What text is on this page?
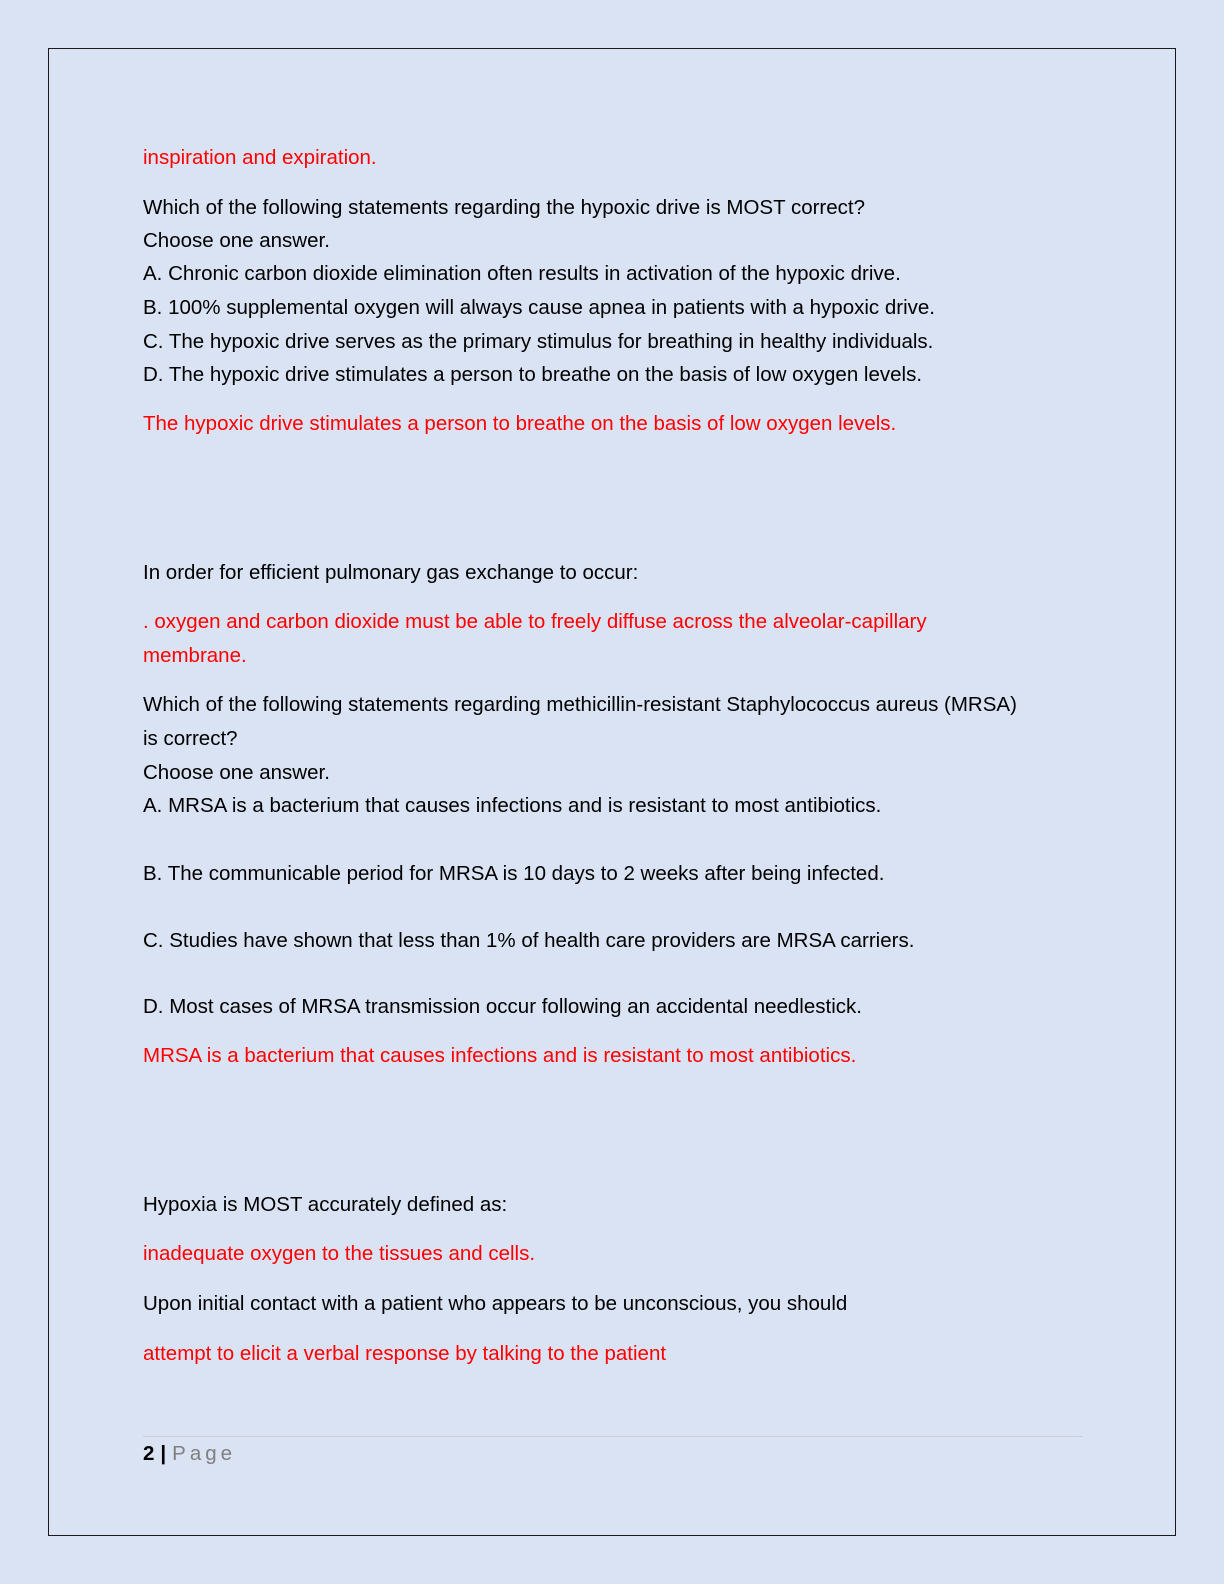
inspiration and expiration.
Which of the following statements regarding the hypoxic drive is MOST correct?
Choose one answer.
A. Chronic carbon dioxide elimination often results in activation of the hypoxic drive.
B. 100% supplemental oxygen will always cause apnea in patients with a hypoxic drive.
C. The hypoxic drive serves as the primary stimulus for breathing in healthy individuals.
D. The hypoxic drive stimulates a person to breathe on the basis of low oxygen levels.
The hypoxic drive stimulates a person to breathe on the basis of low oxygen levels.
In order for efficient pulmonary gas exchange to occur:
. oxygen and carbon dioxide must be able to freely diffuse across the alveolar-capillary
membrane.
Which of the following statements regarding methicillin-resistant Staphylococcus aureus (MRSA)
is correct?
Choose one answer.
A. MRSA is a bacterium that causes infections and is resistant to most antibiotics.
B. The communicable period for MRSA is 10 days to 2 weeks after being infected.
C. Studies have shown that less than 1% of health care providers are MRSA carriers.
D. Most cases of MRSA transmission occur following an accidental needlestick.
MRSA is a bacterium that causes infections and is resistant to most antibiotics.
Hypoxia is MOST accurately defined as:
inadequate oxygen to the tissues and cells.
Upon initial contact with a patient who appears to be unconscious, you should
attempt to elicit a verbal response by talking to the patient
2 | Page
